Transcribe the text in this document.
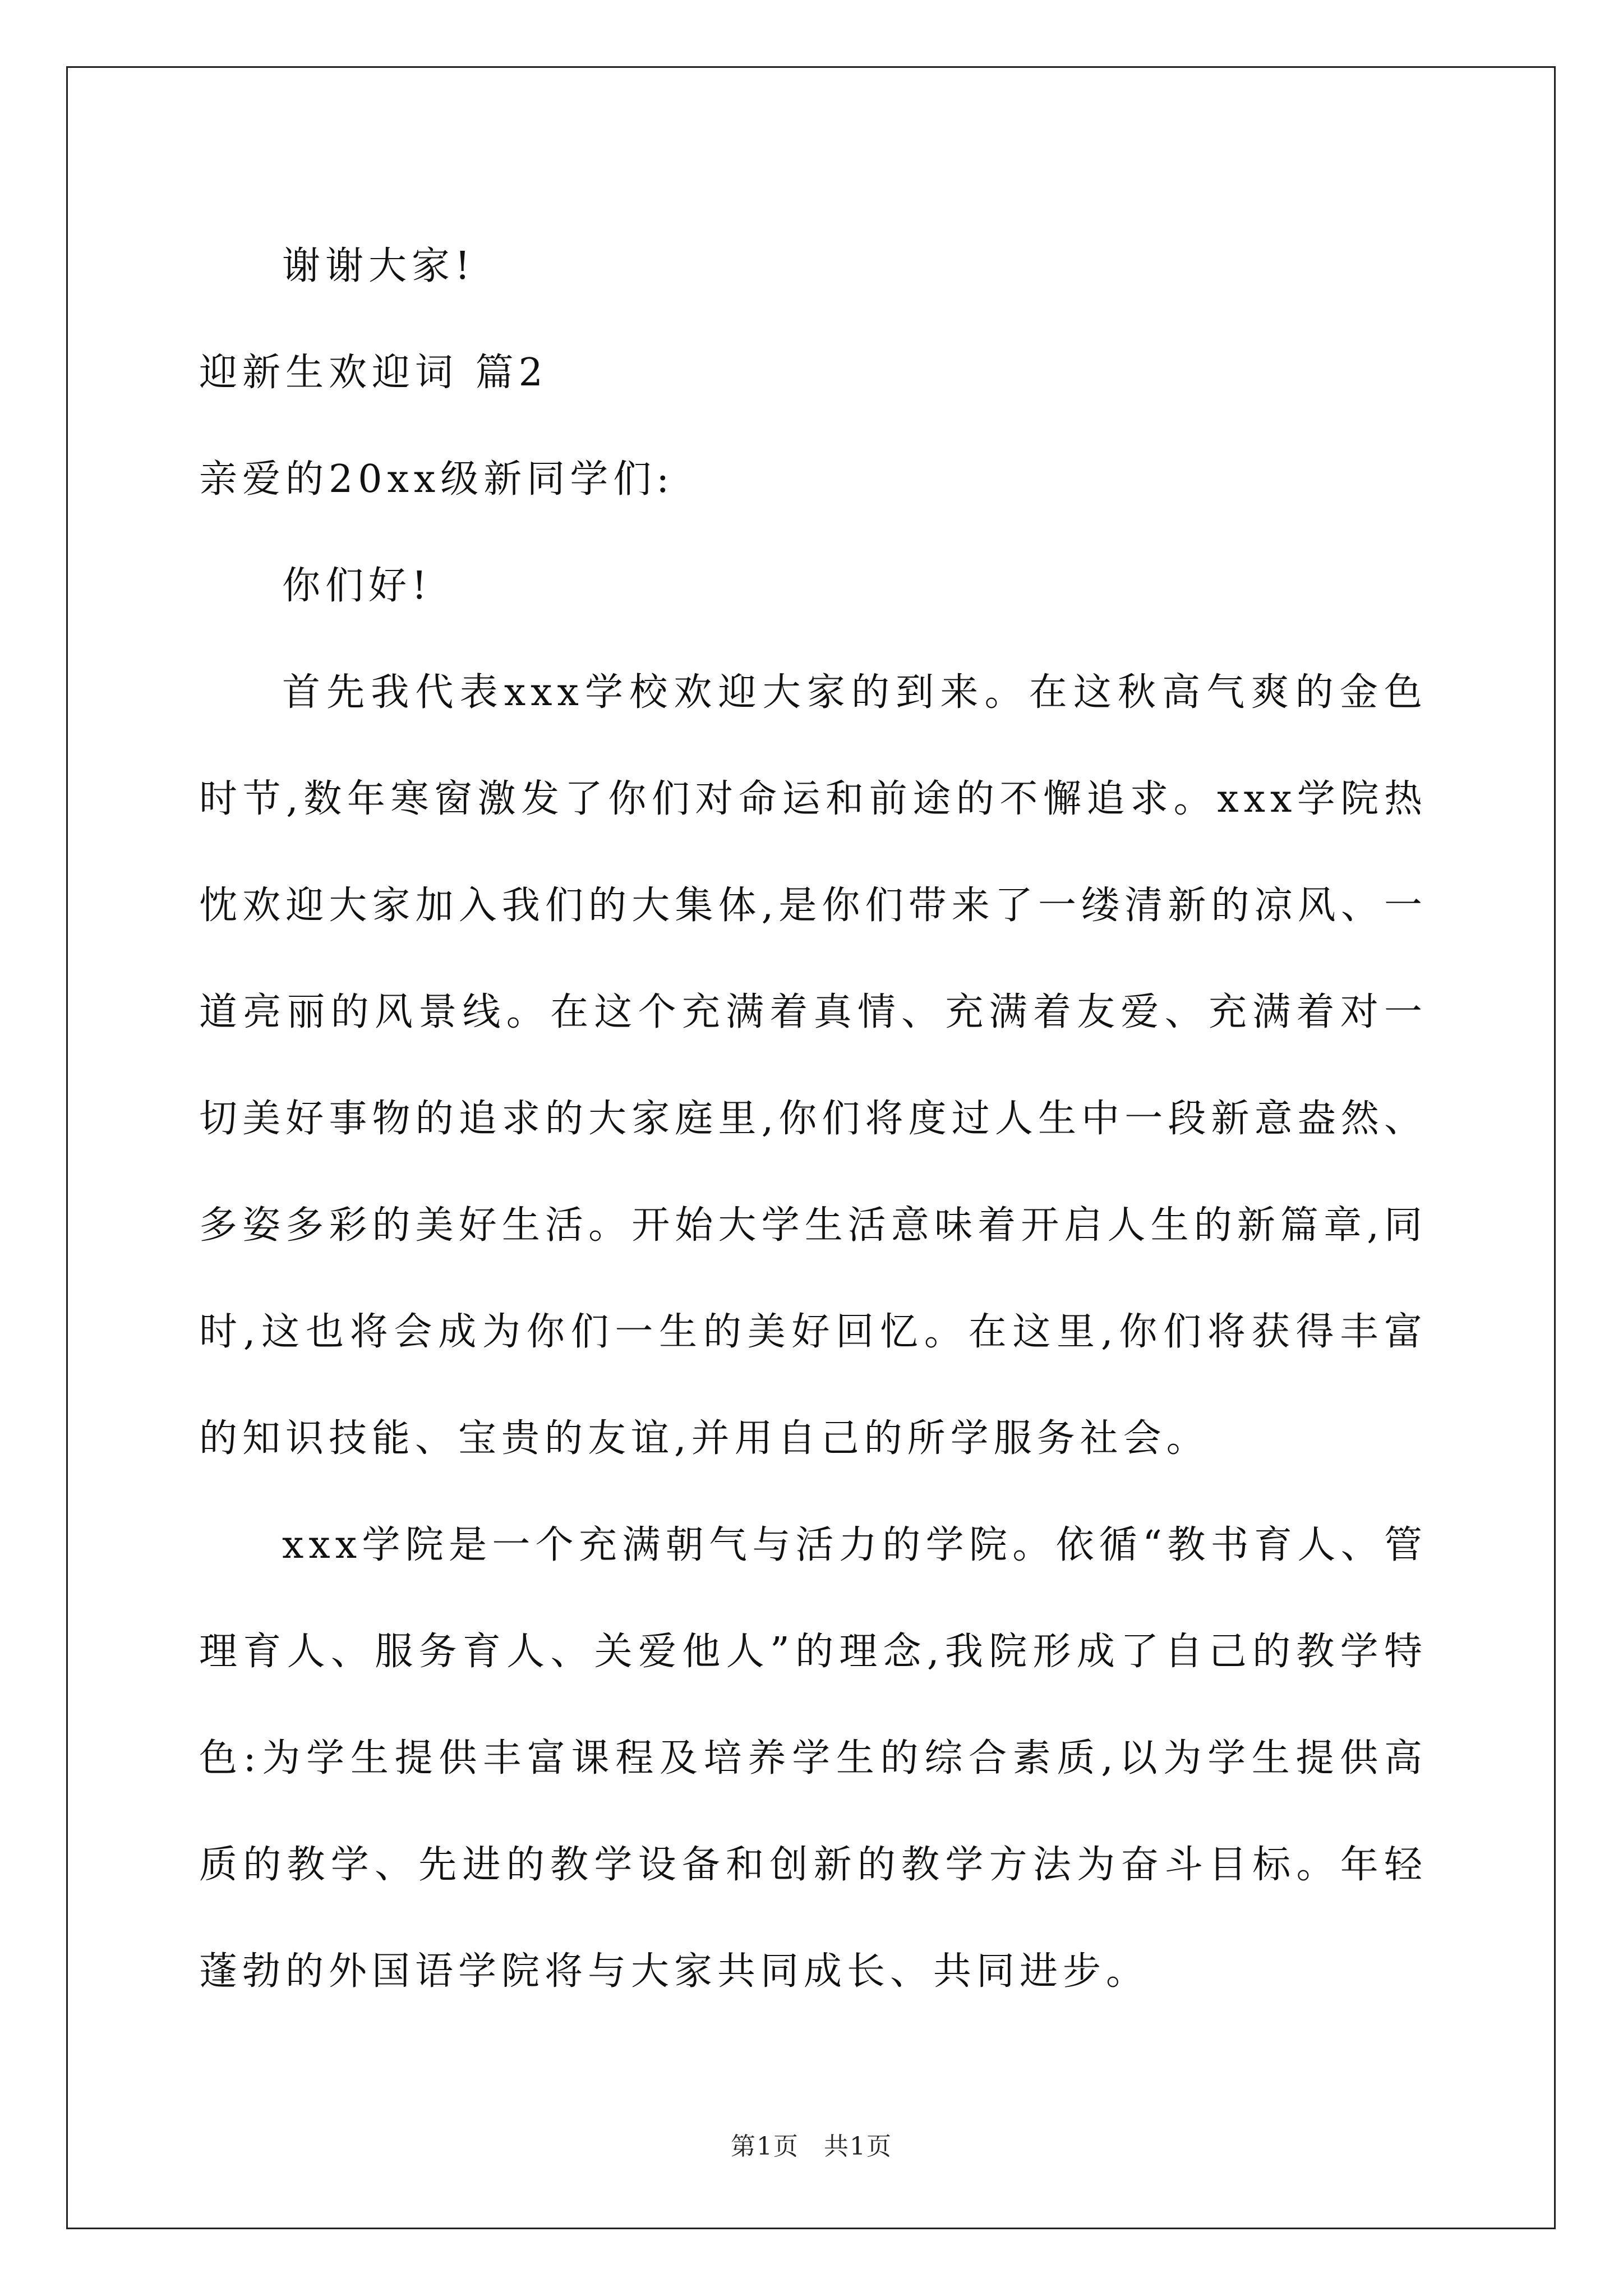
谢谢大家!
迎新生欢迎词 篇2
亲爱的20xx级新同学们:
你们好!

首先我代表xxx学校欢迎大家的到来。在这秋高气爽的金色时节,数年寒窗激发了你们对命运和前途的不懈追求。xxx学院热忱欢迎大家加入我们的大集体,是你们带来了一缕清新的凉风、一道亮丽的风景线。在这个充满着真情、充满着友爱、充满着对一切美好事物的追求的大家庭里,你们将度过人生中一段新意盎然、多姿多彩的美好生活。开始大学生活意味着开启人生的新篇章,同时,这也将会成为你们一生的美好回忆。在这里,你们将获得丰富的知识技能、宝贵的友谊,并用自己的所学服务社会。

xxx学院是一个充满朝气与活力的学院。依循“教书育人、管理育人、服务育人、关爱他人”的理念,我院形成了自己的教学特色:为学生提供丰富课程及培养学生的综合素质,以为学生提供高质的教学、先进的教学设备和创新的教学方法为奋斗目标。年轻蓬勃的外国语学院将与大家共同成长、共同进步。

第1页 共1页
